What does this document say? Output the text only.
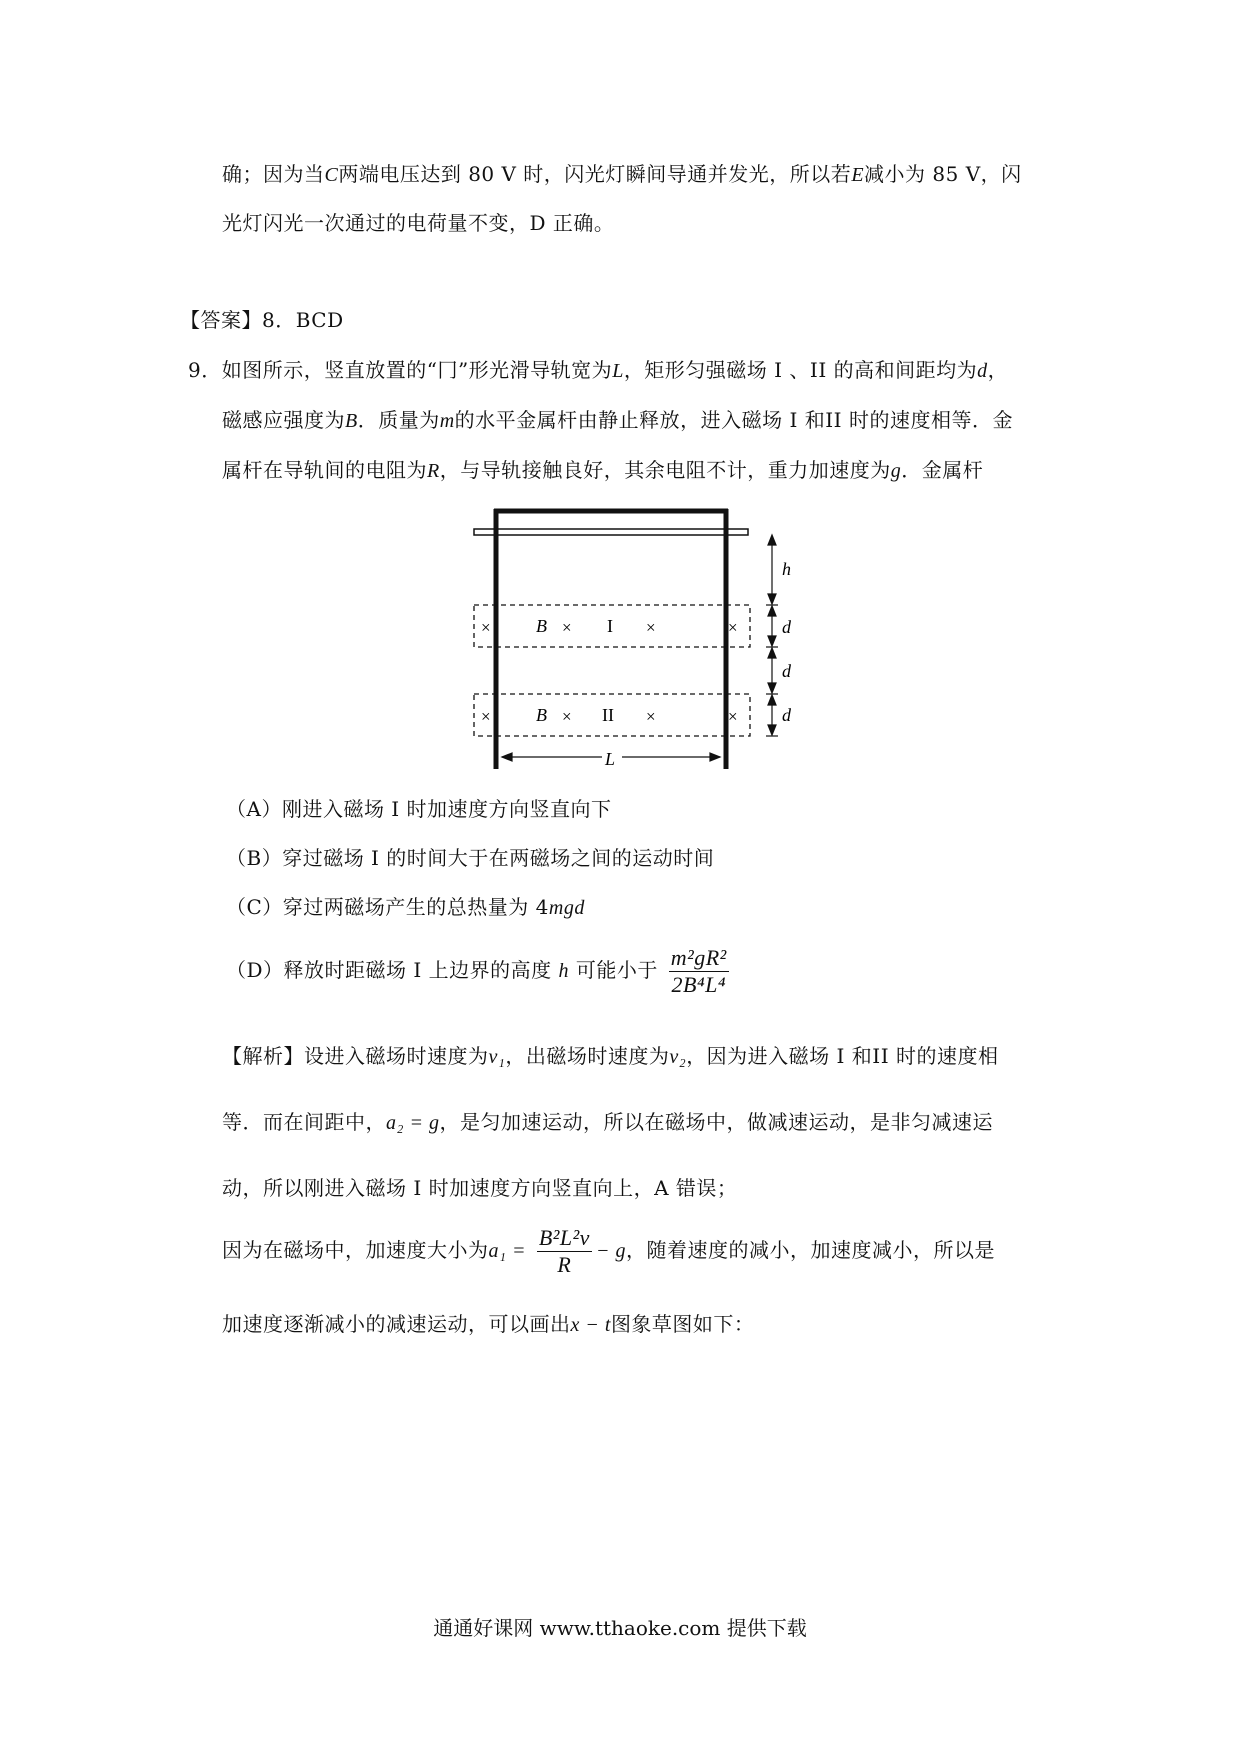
确；因为当C两端电压达到 80 V 时，闪光灯瞬间导通并发光，所以若E减小为 85 V，闪
光灯闪光一次通过的电荷量不变，D 正确。
【答案】8．BCD
9．如图所示，竖直放置的“冂”形光滑导轨宽为L，矩形匀强磁场 I 、II 的高和间距均为d，
磁感应强度为B．质量为m的水平金属杆由静止释放，进入磁场 I 和II 时的速度相等．金
属杆在导轨间的电阻为R，与导轨接触良好，其余电阻不计，重力加速度为g．金属杆
×	B × I ×	×
×	B × II ×	×
h
d
d
d
L
（A）刚进入磁场 I 时加速度方向竖直向下
（B）穿过磁场 I 的时间大于在两磁场之间的运动时间
（C）穿过两磁场产生的总热量为 4mgd
（D）释放时距磁场 I 上边界的高度 h 可能小于 $\frac{\text{m²gR²}}{\text{2B⁴L⁴}}$
【解析】设进入磁场时速度为v₁，出磁场时速度为v₂，因为进入磁场 I 和II 时的速度相
等．而在间距中，a₂ = g，是匀加速运动，所以在磁场中，做减速运动，是非匀减速运
动，所以刚进入磁场 I 时加速度方向竖直向上，A 错误；
因为在磁场中，加速度大小为$a_1 = \frac{\text{B²L²v}}{R} - g$，随着速度的减小，加速度减小，所以是
加速度逐渐减小的减速运动，可以画出x − t图象草图如下：
通通好课网 www.tthaoke.com 提供下载
